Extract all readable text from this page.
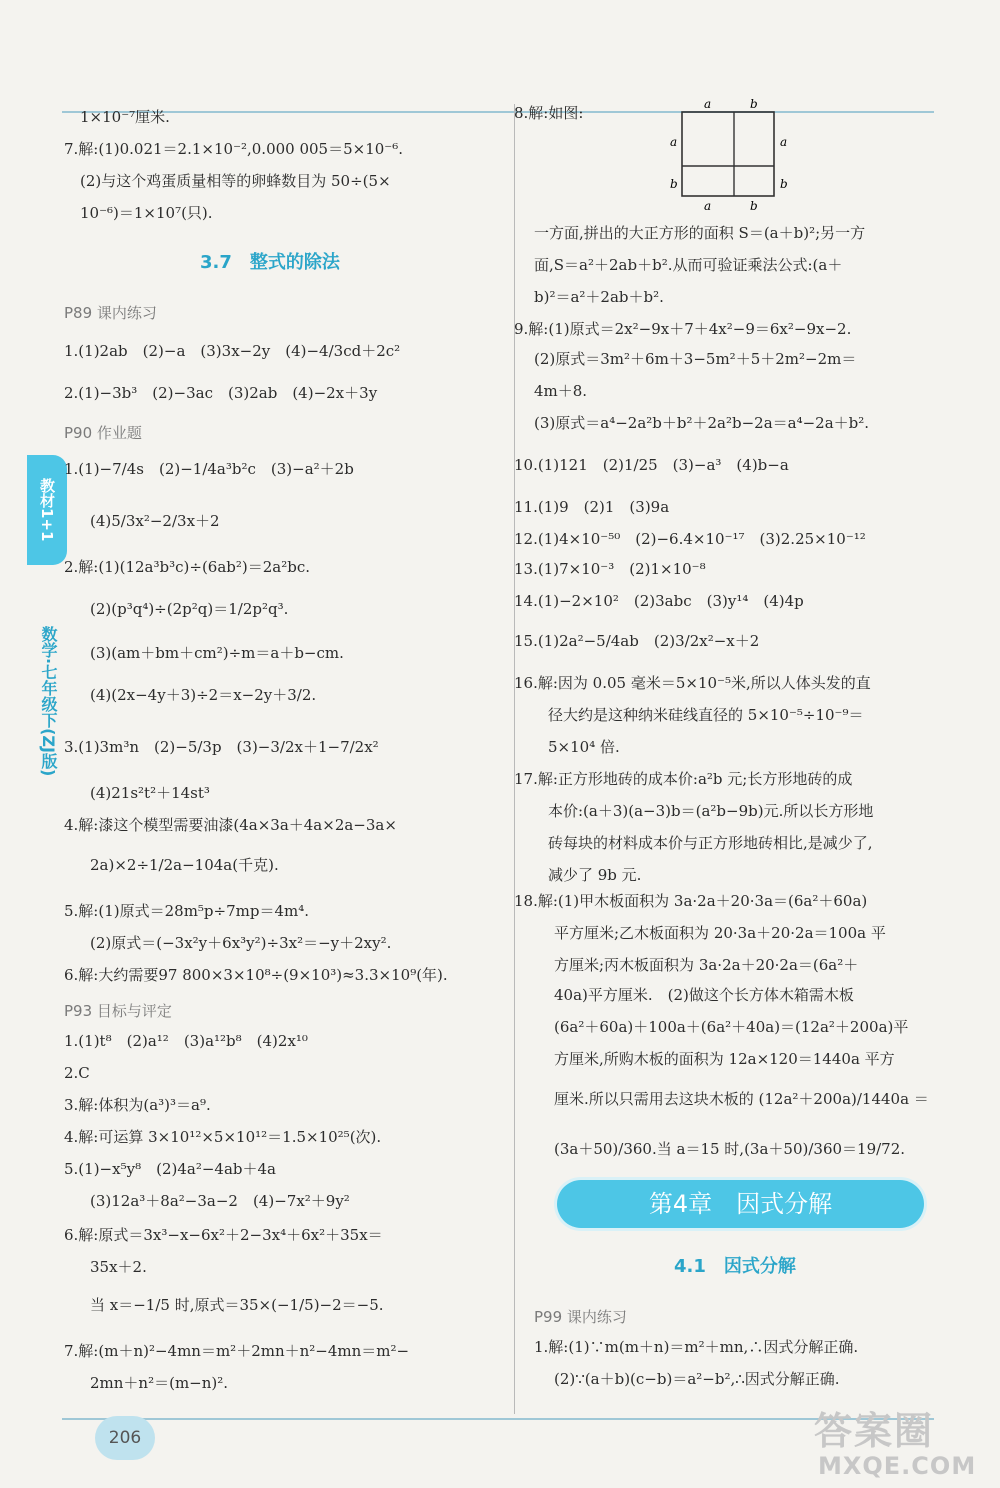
教材1+1
数学·七年级下(ZJ版)
1×10⁻⁷厘米.
7.解:(1)0.021＝2.1×10⁻²,0.000 005＝5×10⁻⁶.
(2)与这个鸡蛋质量相等的卵蜂数目为 50÷(5×
10⁻⁶)＝1×10⁷(只).
3.7　整式的除法
P89 课内练习
1.(1)2ab　(2)−a　(3)3x−2y　(4)−4/3cd＋2c²
2.(1)−3b³　(2)−3ac　(3)2ab　(4)−2x＋3y
P90 作业题
1.(1)−7/4s　(2)−1/4a³b²c　(3)−a²＋2b
(4)5/3x²−2/3x＋2
2.解:(1)(12a³b³c)÷(6ab²)＝2a²bc.
(2)(p³q⁴)÷(2p²q)＝1/2p²q³.
(3)(am＋bm＋cm²)÷m＝a＋b−cm.
(4)(2x−4y＋3)÷2＝x−2y＋3/2.
3.(1)3m³n　(2)−5/3p　(3)−3/2x＋1−7/2x²
(4)21s²t²＋14st³
4.解:漆这个模型需要油漆(4a×3a＋4a×2a−3a×
2a)×2÷1/2a−104a(千克).
5.解:(1)原式＝28m⁵p÷7mp＝4m⁴.
(2)原式＝(−3x²y＋6x³y²)÷3x²＝−y＋2xy².
6.解:大约需要97 800×3×10⁸÷(9×10³)≈3.3×10⁹(年).
P93 目标与评定
1.(1)t⁸　(2)a¹²　(3)a¹²b⁸　(4)2x¹⁰
2.C
3.解:体积为(a³)³＝a⁹.
4.解:可运算 3×10¹²×5×10¹²＝1.5×10²⁵(次).
5.(1)−x⁵y⁸　(2)4a²−4ab＋4a
(3)12a³＋8a²−3a−2　(4)−7x²＋9y²
6.解:原式＝3x³−x−6x²＋2−3x⁴＋6x²＋35x＝
35x＋2.
当 x＝−1/5 时,原式＝35×(−1/5)−2＝−5.
7.解:(m＋n)²−4mn＝m²＋2mn＋n²−4mn＝m²−
2mn＋n²＝(m−n)².
8.解:如图:	a	b
a
b
a
b
a	b
一方面,拼出的大正方形的面积 S＝(a＋b)²;另一方
面,S＝a²＋2ab＋b².从而可验证乘法公式:(a＋
b)²＝a²＋2ab＋b².
9.解:(1)原式＝2x²−9x＋7＋4x²−9＝6x²−9x−2.
(2)原式＝3m²＋6m＋3−5m²＋5＋2m²−2m＝
4m＋8.
(3)原式＝a⁴−2a²b＋b²＋2a²b−2a＝a⁴−2a＋b².
10.(1)121　(2)1/25　(3)−a³　(4)b−a
11.(1)9　(2)1　(3)9a
12.(1)4×10⁻⁵⁰　(2)−6.4×10⁻¹⁷　(3)2.25×10⁻¹²
13.(1)7×10⁻³　(2)1×10⁻⁸
14.(1)−2×10²　(2)3abc　(3)y¹⁴　(4)4p
15.(1)2a²−5/4ab　(2)3/2x²−x＋2
16.解:因为 0.05 毫米＝5×10⁻⁵米,所以人体头发的直
径大约是这种纳米硅线直径的 5×10⁻⁵÷10⁻⁹＝
5×10⁴ 倍.
17.解:正方形地砖的成本价:a²b 元;长方形地砖的成
本价:(a＋3)(a−3)b＝(a²b−9b)元.所以长方形地
砖每块的材料成本价与正方形地砖相比,是减少了,
减少了 9b 元.
18.解:(1)甲木板面积为 3a·2a＋20·3a＝(6a²＋60a)
平方厘米;乙木板面积为 20·3a＋20·2a＝100a 平
方厘米;丙木板面积为 3a·2a＋20·2a＝(6a²＋
40a)平方厘米.　(2)做这个长方体木箱需木板
(6a²＋60a)＋100a＋(6a²＋40a)＝(12a²＋200a)平
方厘米,所购木板的面积为 12a×120＝1440a 平方
厘米.所以只需用去这块木板的 (12a²＋200a)/1440a ＝
(3a＋50)/360.当 a＝15 时,(3a＋50)/360＝19/72.
4.1　因式分解
P99 课内练习
1.解:(1)∵m(m＋n)＝m²＋mn,∴因式分解正确.
(2)∵(a＋b)(c−b)＝a²−b²,∴因式分解正确.
第4章　因式分解
206	答案圈
MXQE.COM
